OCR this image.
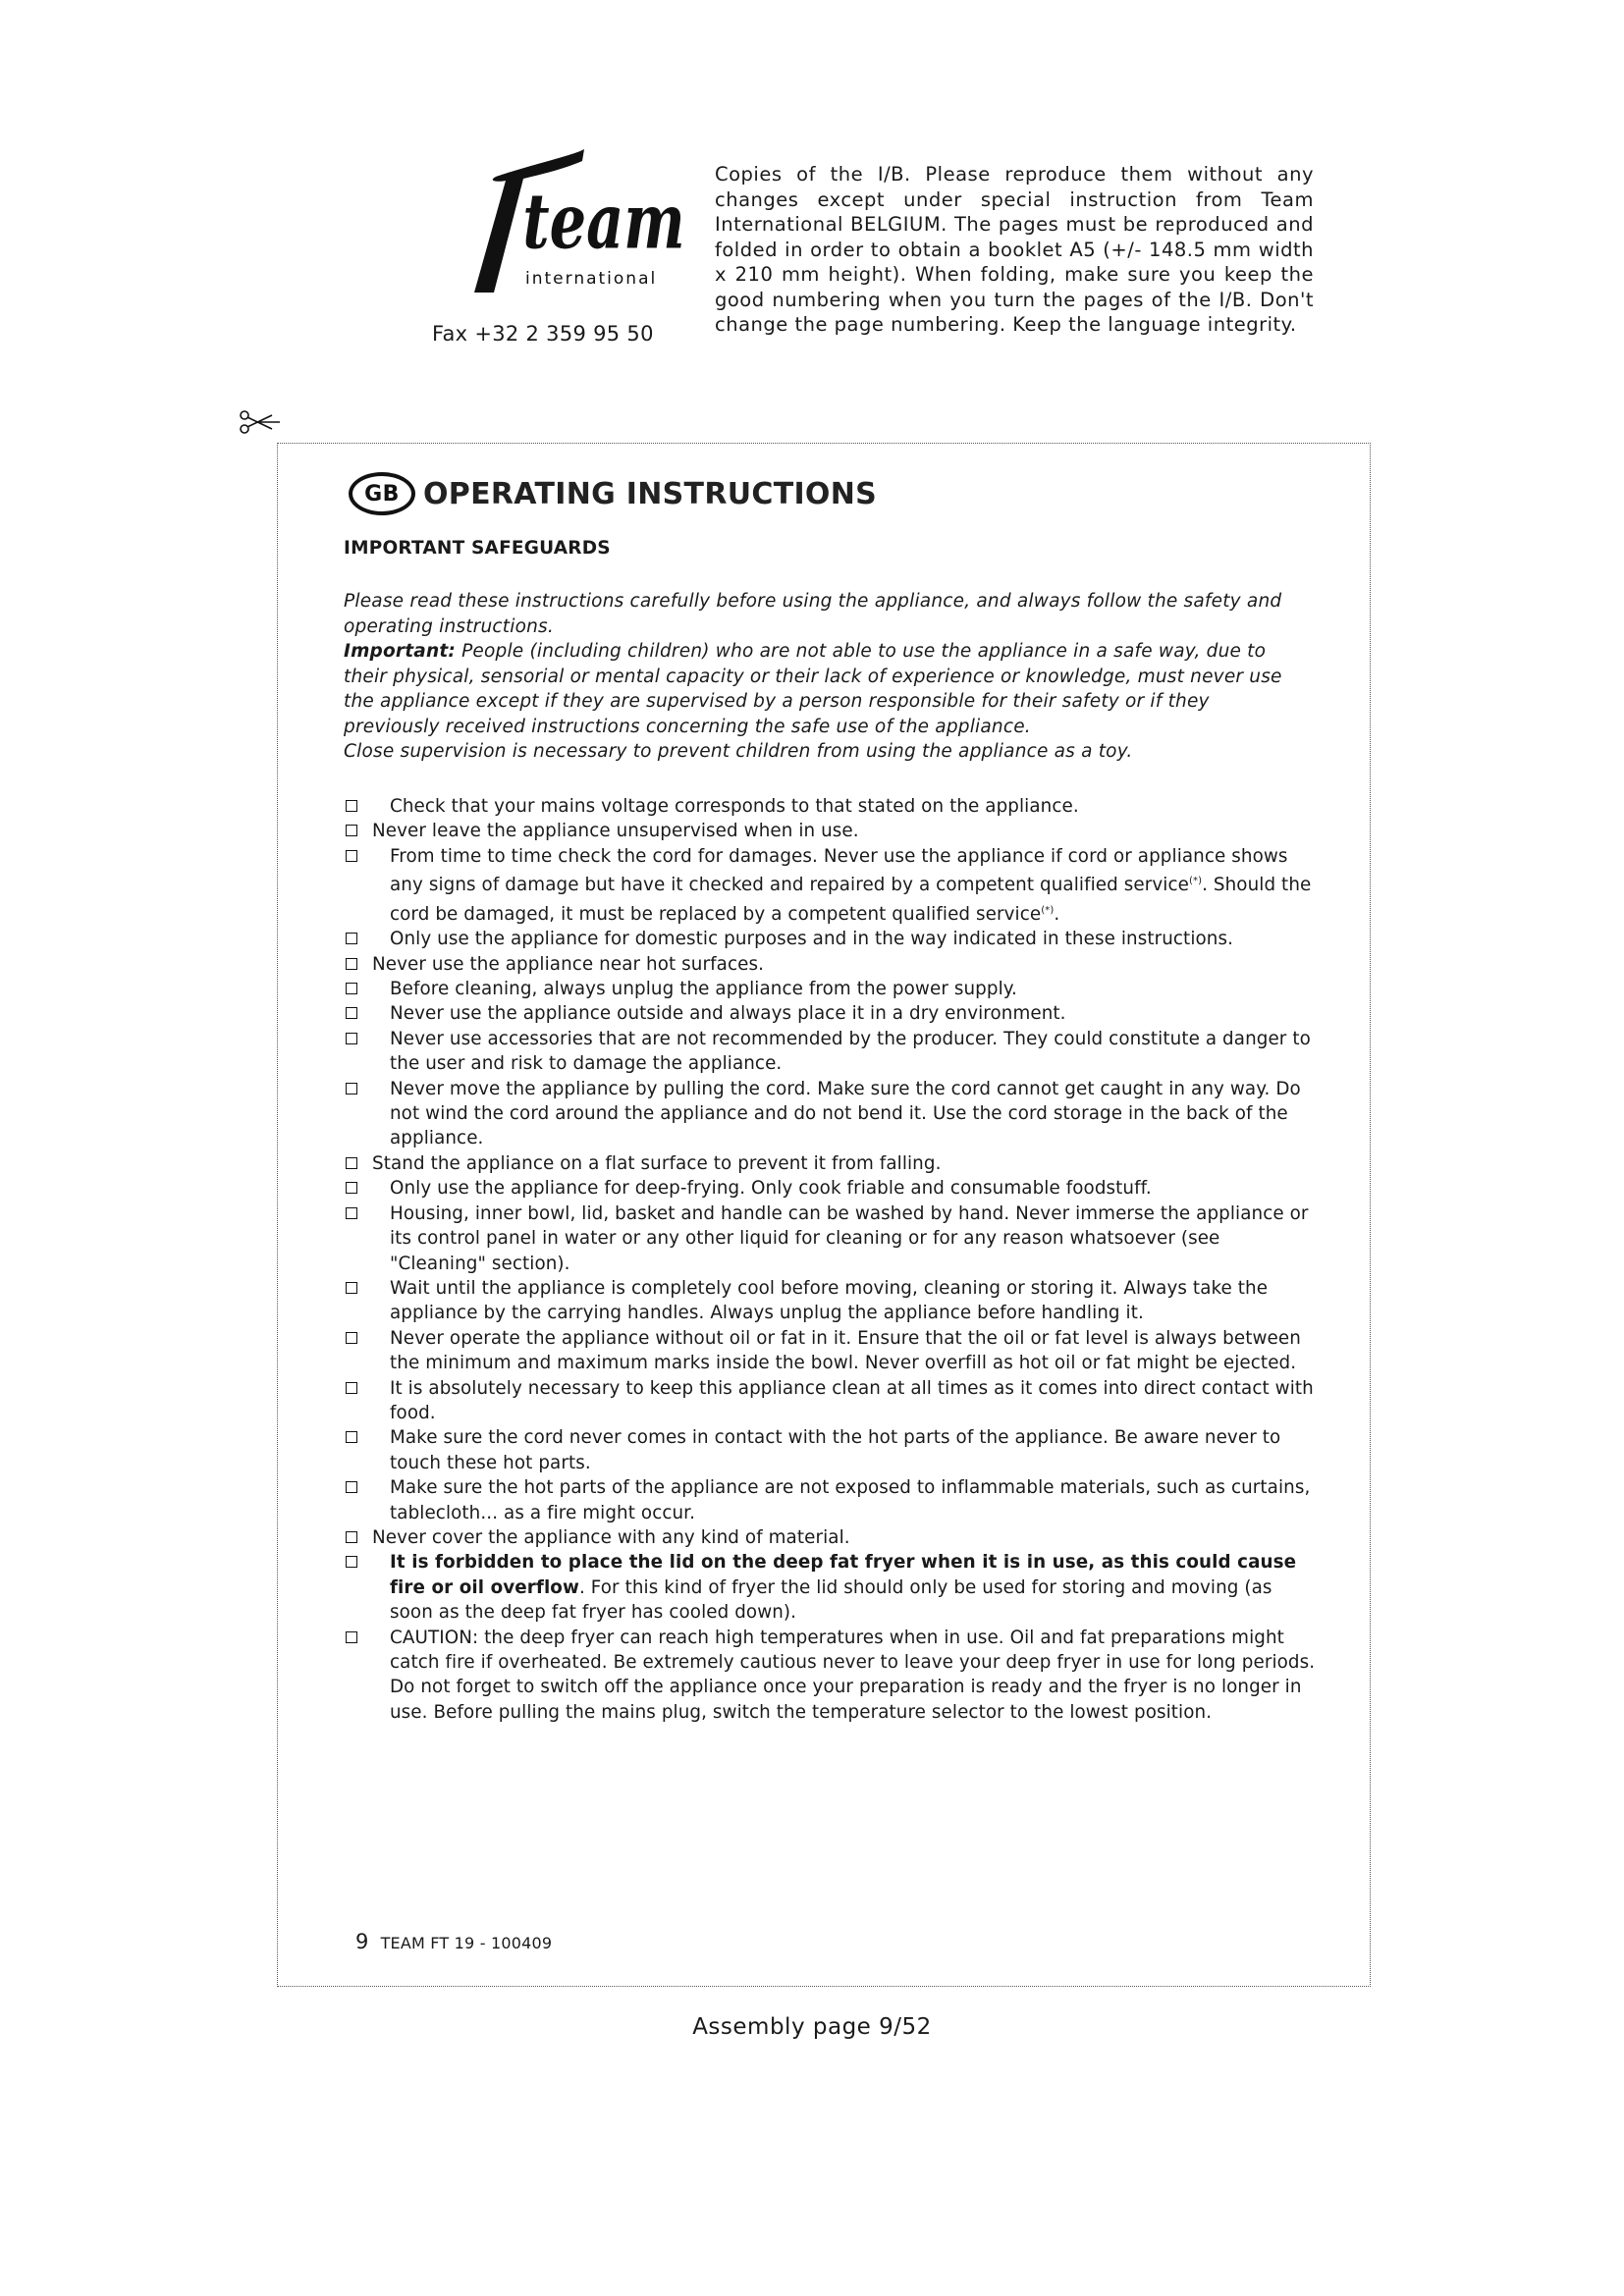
team
international
Fax +32 2 359 95 50
Copies of the I/B. Please reproduce them without any changes except under special instruction from Team International BELGIUM. The pages must be reproduced and folded in order to obtain a booklet A5 (+/- 148.5 mm width x 210 mm height). When folding, make sure you keep the good numbering when you turn the pages of the I/B. Don't change the page numbering. Keep the language integrity.
GB OPERATING INSTRUCTIONS
IMPORTANT SAFEGUARDS

Please read these instructions carefully before using the appliance, and always follow the safety and operating instructions.

Important: People (including children) who are not able to use the appliance in a safe way, due to their physical, sensorial or mental capacity or their lack of experience or knowledge, must never use the appliance except if they are supervised by a person responsible for their safety or if they previously received instructions concerning the safe use of the appliance.

Close supervision is necessary to prevent children from using the appliance as a toy.

Check that your mains voltage corresponds to that stated on the appliance.
Never leave the appliance unsupervised when in use.
From time to time check the cord for damages. Never use the appliance if cord or appliance shows any signs of damage but have it checked and repaired by a competent qualified service(*). Should the cord be damaged, it must be replaced by a competent qualified service(*).
Only use the appliance for domestic purposes and in the way indicated in these instructions.
Never use the appliance near hot surfaces.
Before cleaning, always unplug the appliance from the power supply.
Never use the appliance outside and always place it in a dry environment.
Never use accessories that are not recommended by the producer. They could constitute a danger to the user and risk to damage the appliance.
Never move the appliance by pulling the cord. Make sure the cord cannot get caught in any way. Do not wind the cord around the appliance and do not bend it. Use the cord storage in the back of the appliance.
Stand the appliance on a flat surface to prevent it from falling.
Only use the appliance for deep-frying. Only cook friable and consumable foodstuff.
Housing, inner bowl, lid, basket and handle can be washed by hand. Never immerse the appliance or its control panel in water or any other liquid for cleaning or for any reason whatsoever (see "Cleaning" section).
Wait until the appliance is completely cool before moving, cleaning or storing it. Always take the appliance by the carrying handles. Always unplug the appliance before handling it.
Never operate the appliance without oil or fat in it. Ensure that the oil or fat level is always between the minimum and maximum marks inside the bowl. Never overfill as hot oil or fat might be ejected.
It is absolutely necessary to keep this appliance clean at all times as it comes into direct contact with food.
Make sure the cord never comes in contact with the hot parts of the appliance. Be aware never to touch these hot parts.
Make sure the hot parts of the appliance are not exposed to inflammable materials, such as curtains, tablecloth... as a fire might occur.
Never cover the appliance with any kind of material.
It is forbidden to place the lid on the deep fat fryer when it is in use, as this could cause fire or oil overflow. For this kind of fryer the lid should only be used for storing and moving (as soon as the deep fat fryer has cooled down).
CAUTION: the deep fryer can reach high temperatures when in use. Oil and fat preparations might catch fire if overheated. Be extremely cautious never to leave your deep fryer in use for long periods. Do not forget to switch off the appliance once your preparation is ready and the fryer is no longer in use. Before pulling the mains plug, switch the temperature selector to the lowest position.
9 TEAM FT 19 - 100409
Assembly page 9/52
